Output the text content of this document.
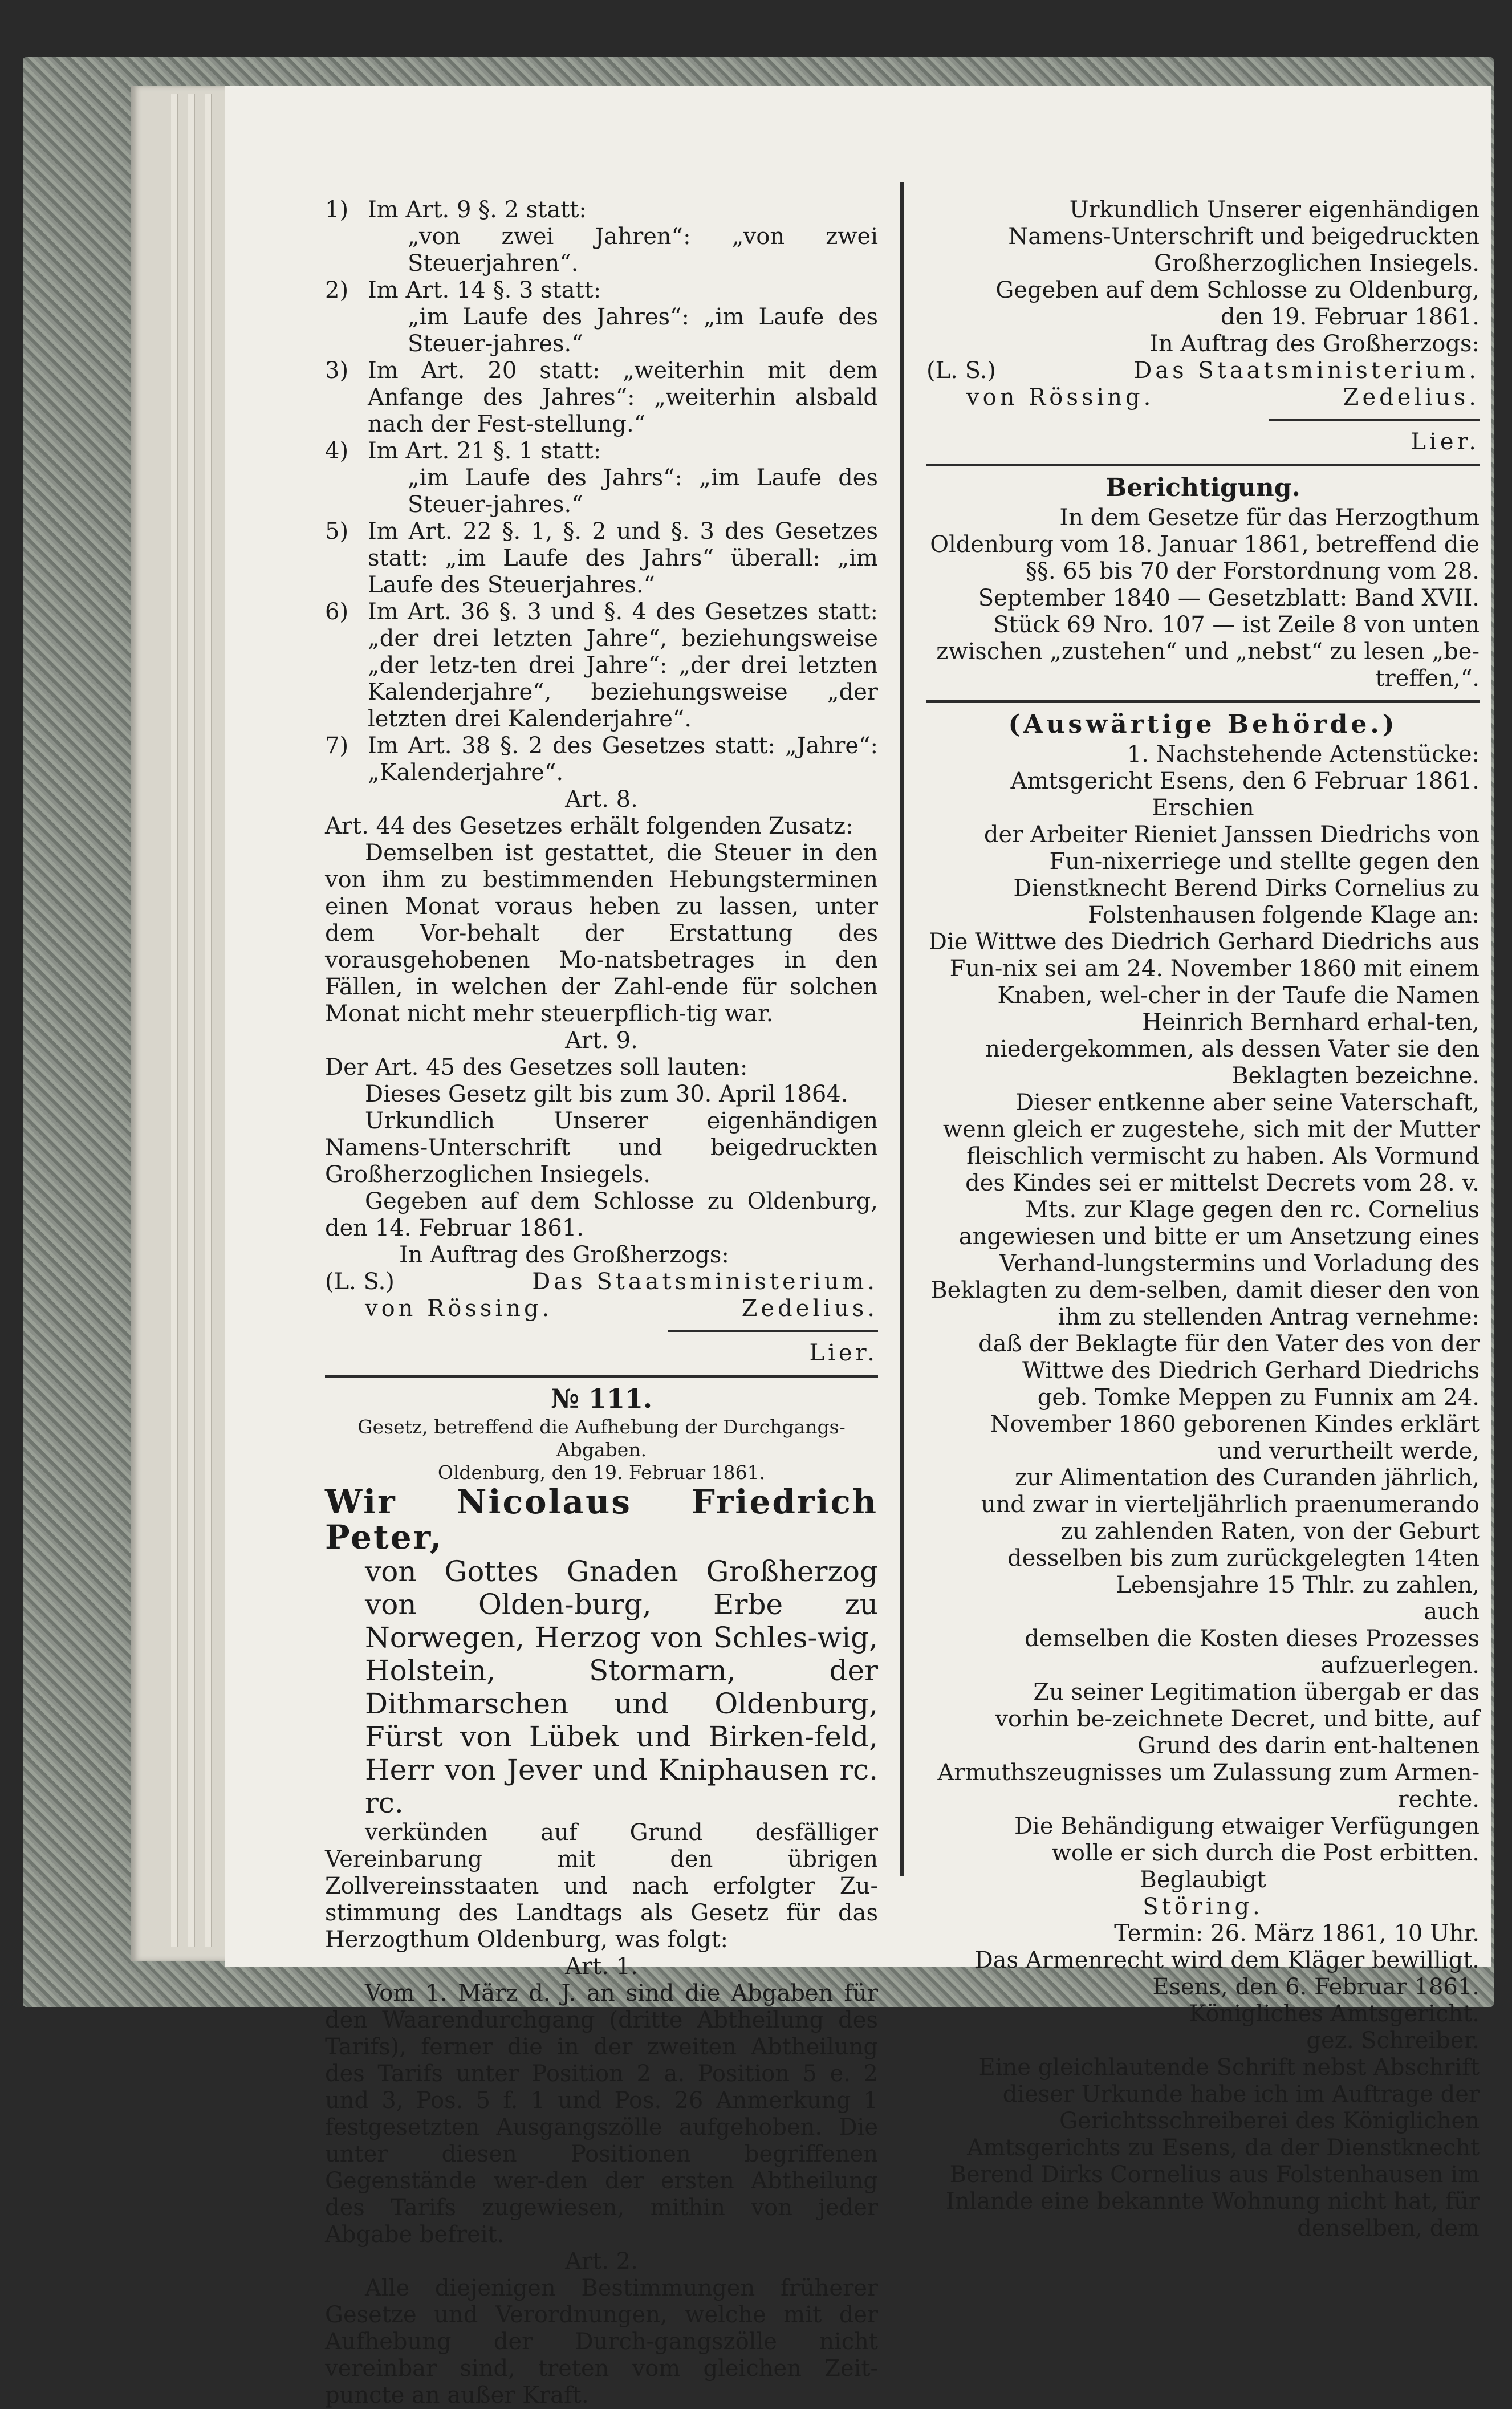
1) Im Art. 9 §. 2 statt:

„von zwei Jahren“: „von zwei Steuerjahren“.

2) Im Art. 14 §. 3 statt:

„im Laufe des Jahres“: „im Laufe des Steuer-jahres.“

3) Im Art. 20 statt: „weiterhin mit dem Anfange des Jahres“: „weiterhin alsbald nach der Fest-stellung.“

4) Im Art. 21 §. 1 statt:

„im Laufe des Jahrs“: „im Laufe des Steuer-jahres.“

5) Im Art. 22 §. 1, §. 2 und §. 3 des Gesetzes statt: „im Laufe des Jahrs“ überall: „im Laufe des Steuerjahres.“

6) Im Art. 36 §. 3 und §. 4 des Gesetzes statt: „der drei letzten Jahre“, beziehungsweise „der letz-ten drei Jahre“: „der drei letzten Kalenderjahre“, beziehungsweise „der letzten drei Kalenderjahre“.

7) Im Art. 38 §. 2 des Gesetzes statt: „Jahre“: „Kalenderjahre“.

Art. 8.

Art. 44 des Gesetzes erhält folgenden Zusatz:

Demselben ist gestattet, die Steuer in den von ihm zu bestimmenden Hebungsterminen einen Monat voraus heben zu lassen, unter dem Vor-behalt der Erstattung des vorausgehobenen Mo-natsbetrages in den Fällen, in welchen der Zahl-ende für solchen Monat nicht mehr steuerpflich-tig war.

Art. 9.

Der Art. 45 des Gesetzes soll lauten:

Dieses Gesetz gilt bis zum 30. April 1864.

Urkundlich Unserer eigenhändigen Namens-Unterschrift und beigedruckten Großherzoglichen Insiegels.

Gegeben auf dem Schlosse zu Oldenburg, den 14. Februar 1861.

In Auftrag des Großherzogs:

(L. S.)	Das Staatsministerium.
von Rössing.	Zedelius.

Lier.

№ 111.

Gesetz, betreffend die Aufhebung der Durchgangs-Abgaben.

Oldenburg, den 19. Februar 1861.

Wir Nicolaus Friedrich Peter,

von Gottes Gnaden Großherzog von Olden-burg, Erbe zu Norwegen, Herzog von Schles-wig, Holstein, Stormarn, der Dithmarschen und Oldenburg, Fürst von Lübek und Birken-feld, Herr von Jever und Kniphausen rc. rc.

verkünden auf Grund desfälliger Vereinbarung mit den übrigen Zollvereinsstaaten und nach erfolgter Zu-stimmung des Landtags als Gesetz für das Herzogthum Oldenburg, was folgt:

Art. 1.

Vom 1. März d. J. an sind die Abgaben für den Waarendurchgang (dritte Abtheilung des Tarifs), ferner die in der zweiten Abtheilung des Tarifs unter Position 2 a. Position 5 e. 2 und 3, Pos. 5 f. 1 und Pos. 26 Anmerkung 1 festgesetzten Ausgangszölle aufgehoben. Die unter diesen Positionen begriffenen Gegenstände wer-den der ersten Abtheilung des Tarifs zugewiesen, mithin von jeder Abgabe befreit.

Art. 2.

Alle diejenigen Bestimmungen früherer Gesetze und Verordnungen, welche mit der Aufhebung der Durch-gangszölle nicht vereinbar sind, treten vom gleichen Zeit-puncte an außer Kraft.

Urkundlich Unserer eigenhändigen Namens-Unterschrift und beigedruckten Großherzoglichen Insiegels.

Gegeben auf dem Schlosse zu Oldenburg, den 19. Februar 1861.

In Auftrag des Großherzogs:

(L. S.)	Das Staatsministerium.
von Rössing.	Zedelius.

Lier.

Berichtigung.

In dem Gesetze für das Herzogthum Oldenburg vom 18. Januar 1861, betreffend die §§. 65 bis 70 der Forstordnung vom 28. September 1840 — Gesetzblatt: Band XVII. Stück 69 Nro. 107 — ist Zeile 8 von unten zwischen „zustehen“ und „nebst“ zu lesen „be-treffen,“.

(Auswärtige Behörde.)

1. Nachstehende Actenstücke:

Amtsgericht Esens, den 6 Februar 1861.

Erschien

der Arbeiter Rieniet Janssen Diedrichs von Fun-nixerriege und stellte gegen den Dienstknecht Berend Dirks Cornelius zu Folstenhausen folgende Klage an:

Die Wittwe des Diedrich Gerhard Diedrichs aus Fun-nix sei am 24. November 1860 mit einem Knaben, wel-cher in der Taufe die Namen Heinrich Bernhard erhal-ten, niedergekommen, als dessen Vater sie den Beklagten bezeichne.

Dieser entkenne aber seine Vaterschaft, wenn gleich er zugestehe, sich mit der Mutter fleischlich vermischt zu haben. Als Vormund des Kindes sei er mittelst Decrets vom 28. v. Mts. zur Klage gegen den rc. Cornelius angewiesen und bitte er um Ansetzung eines Verhand-lungstermins und Vorladung des Beklagten zu dem-selben, damit dieser den von ihm zu stellenden Antrag vernehme:

daß der Beklagte für den Vater des von der Wittwe des Diedrich Gerhard Diedrichs geb. Tomke Meppen zu Funnix am 24. November 1860 geborenen Kindes erklärt

und verurtheilt werde,

zur Alimentation des Curanden jährlich, und zwar in vierteljährlich praenumerando zu zahlenden Raten, von der Geburt desselben bis zum zurückgelegten 14ten Lebensjahre 15 Thlr. zu zahlen,

auch

demselben die Kosten dieses Prozesses aufzuerlegen.

Zu seiner Legitimation übergab er das vorhin be-zeichnete Decret, und bitte, auf Grund des darin ent-haltenen Armuthszeugnisses um Zulassung zum Armen-rechte.

Die Behändigung etwaiger Verfügungen wolle er sich durch die Post erbitten.

Beglaubigt

Störing.

Termin: 26. März 1861, 10 Uhr.

Das Armenrecht wird dem Kläger bewilligt.

Esens, den 6. Februar 1861.

Königliches Amtsgericht.

gez. Schreiber.

Eine gleichlautende Schrift nebst Abschrift dieser Urkunde habe ich im Auftrage der Gerichtsschreiberei des Königlichen Amtsgerichts zu Esens, da der Dienstknecht Berend Dirks Cornelius aus Folstenhausen im Inlande eine bekannte Wohnung nicht hat, für denselben, dem
